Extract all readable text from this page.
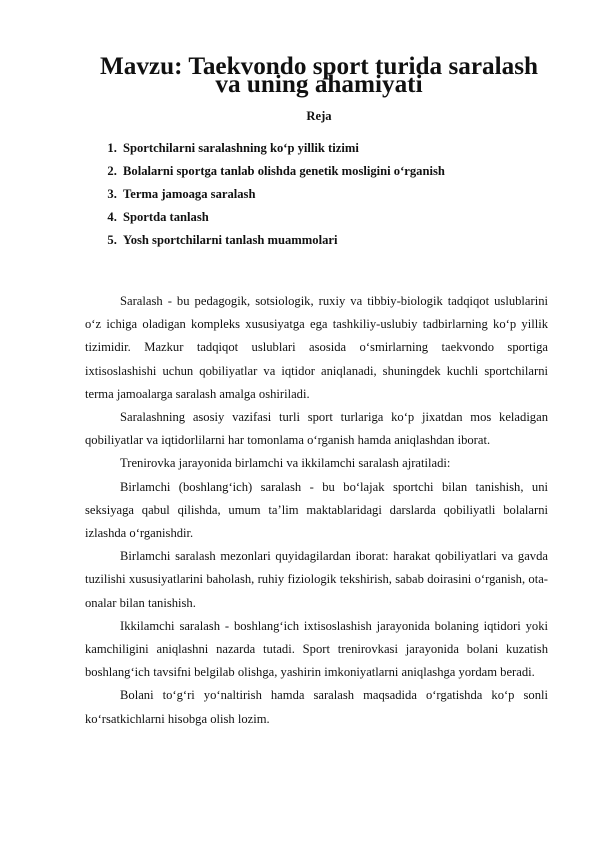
Mavzu: Taekvondo sport turida saralash va uning ahamiyati
Reja
1. Sportchilarni saralashning ko‘p yillik tizimi
2. Bolalarni sportga tanlab olishda genetik mosligini o‘rganish
3. Terma jamoaga saralash
4. Sportda tanlash
5. Yosh sportchilarni tanlash muammolari

Saralash - bu pedagogik, sotsiologik, ruxiy va tibbiy-biologik tadqiqot uslublarini o‘z ichiga oladigan kompleks xususiyatga ega tashkiliy-uslubiy tadbirlarning ko‘p yillik tizimidir. Mazkur tadqiqot uslublari asosida o‘smirlarning taekvondo sportiga ixtisoslashishi uchun qobiliyatlar va iqtidor aniqlanadi, shuningdek kuchli sportchilarni terma jamoalarga saralash amalga oshiriladi.

Saralashning asosiy vazifasi turli sport turlariga ko‘p jixatdan mos keladigan qobiliyatlar va iqtidorlilarni har tomonlama o‘rganish hamda aniqlashdan iborat.

Trenirovka jarayonida birlamchi va ikkilamchi saralash ajratiladi:

Birlamchi (boshlang‘ich) saralash - bu bo‘lajak sportchi bilan tanishish, uni seksiyaga qabul qilishda, umum ta’lim maktablaridagi darslarda qobiliyatli bolalarni izlashda o‘rganishdir.

Birlamchi saralash mezonlari quyidagilardan iborat: harakat qobiliyatlari va gavda tuzilishi xususiyatlarini baholash, ruhiy fiziologik tekshirish, sabab doirasini o‘rganish, ota-onalar bilan tanishish.

Ikkilamchi saralash - boshlang‘ich ixtisoslashish jarayonida bolaning iqtidori yoki kamchiligini aniqlashni nazarda tutadi. Sport trenirovkasi jarayonida bolani kuzatish boshlang‘ich tavsifni belgilab olishga, yashirin imkoniyatlarni aniqlashga yordam beradi.

Bolani to‘g‘ri yo‘naltirish hamda saralash maqsadida o‘rgatishda ko‘p sonli ko‘rsatkichlarni hisobga olish lozim.
